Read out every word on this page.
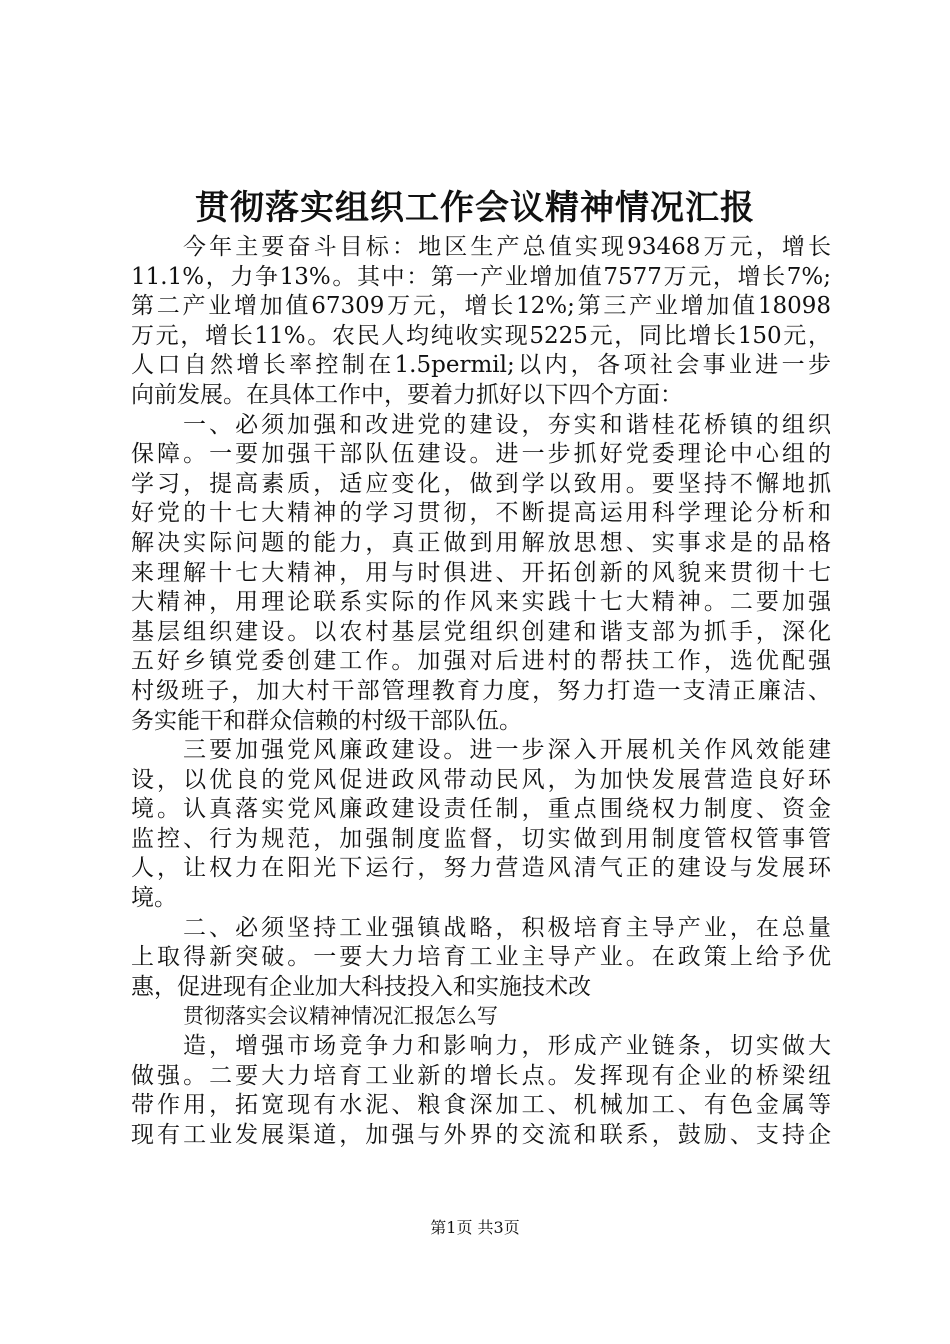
贯彻落实组织工作会议精神情况汇报
今年主要奋斗目标：地区生产总值实现93468万元，增长
11.1%，力争13%。其中：第一产业增加值7577万元，增长7%;
第二产业增加值67309万元，增长12%;第三产业增加值18098
万元，增长11%。农民人均纯收实现5225元，同比增长150元，
人口自然增长率控制在1.5permil;以内，各项社会事业进一步
向前发展。在具体工作中，要着力抓好以下四个方面：
一、必须加强和改进党的建设，夯实和谐桂花桥镇的组织
保障。一要加强干部队伍建设。进一步抓好党委理论中心组的
学习，提高素质，适应变化，做到学以致用。要坚持不懈地抓
好党的十七大精神的学习贯彻，不断提高运用科学理论分析和
解决实际问题的能力，真正做到用解放思想、实事求是的品格
来理解十七大精神，用与时俱进、开拓创新的风貌来贯彻十七
大精神，用理论联系实际的作风来实践十七大精神。二要加强
基层组织建设。以农村基层党组织创建和谐支部为抓手，深化
五好乡镇党委创建工作。加强对后进村的帮扶工作，选优配强
村级班子，加大村干部管理教育力度，努力打造一支清正廉洁、
务实能干和群众信赖的村级干部队伍。
三要加强党风廉政建设。进一步深入开展机关作风效能建
设，以优良的党风促进政风带动民风，为加快发展营造良好环
境。认真落实党风廉政建设责任制，重点围绕权力制度、资金
监控、行为规范，加强制度监督，切实做到用制度管权管事管
人，让权力在阳光下运行，努力营造风清气正的建设与发展环
境。
二、必须坚持工业强镇战略，积极培育主导产业，在总量
上取得新突破。一要大力培育工业主导产业。在政策上给予优
惠，促进现有企业加大科技投入和实施技术改
贯彻落实会议精神情况汇报怎么写
造，增强市场竞争力和影响力，形成产业链条，切实做大
做强。二要大力培育工业新的增长点。发挥现有企业的桥梁纽
带作用，拓宽现有水泥、粮食深加工、机械加工、有色金属等
现有工业发展渠道，加强与外界的交流和联系，鼓励、支持企
第1页 共3页
